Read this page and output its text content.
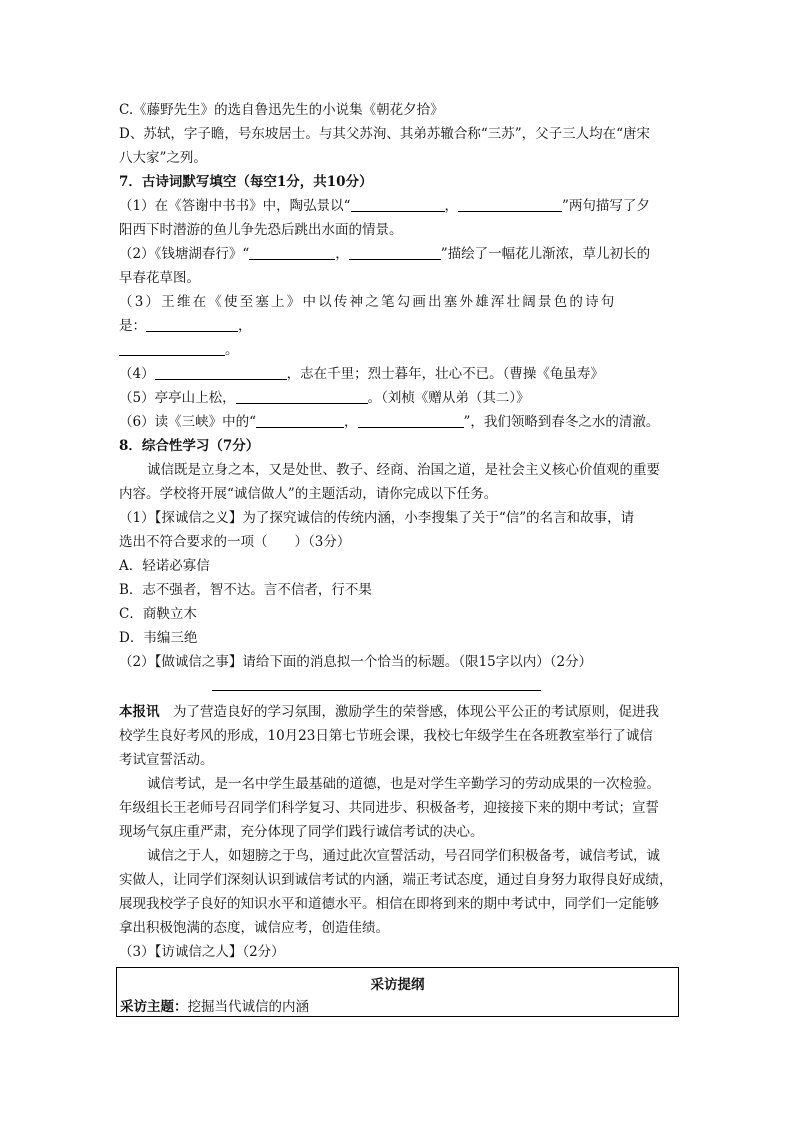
C.《藤野先生》的选自鲁迅先生的小说集《朝花夕拾》
D、苏轼，字子瞻，号东坡居士。与其父苏洵、其弟苏辙合称“三苏”，父子三人均在“唐宋
八大家”之列。
7．古诗词默写填空（每空1分，共10分）
（1）在《答谢中书书》中，陶弘景以“	，	”两句描写了夕
阳西下时潜游的鱼儿争先恐后跳出水面的情景。
（2）《钱塘湖春行》“	，	”描绘了一幅花儿渐浓，草儿初长的
早春花草图。
（3）王维在《使至塞上》中以传神之笔勾画出塞外雄浑壮阔景色的诗句
是：	，
。
（4）	，志在千里；烈士暮年，壮心不已。（曹操《龟虽寿》
（5）亭亭山上松，	。（刘桢《赠从弟（其二）》
（6）读《三峡》中的“	，	”，我们领略到春冬之水的清澈。
8．综合性学习（7分）
诚信既是立身之本，又是处世、教子、经商、治国之道，是社会主义核心价值观的重要
内容。学校将开展“诚信做人”的主题活动，请你完成以下任务。
（1）【探诚信之义】为了探究诚信的传统内涵，小李搜集了关于“信”的名言和故事，请
选出不符合要求的一项（　　）（3分）
A．轻诺必寡信
B．志不强者，智不达。言不信者，行不果
C．商鞅立木
D．韦编三绝
（2）【做诚信之事】请给下面的消息拟一个恰当的标题。（限15字以内）（2分）
本报讯　为了营造良好的学习氛围，激励学生的荣誉感，体现公平公正的考试原则，促进我
校学生良好考风的形成，10月23日第七节班会课，我校七年级学生在各班教室举行了诚信
考试宣誓活动。
诚信考试，是一名中学生最基础的道德，也是对学生辛勤学习的劳动成果的一次检验。
年级组长王老师号召同学们科学复习、共同进步、积极备考，迎接接下来的期中考试；宣誓
现场气氛庄重严肃，充分体现了同学们践行诚信考试的决心。
诚信之于人，如翅膀之于鸟，通过此次宣誓活动，号召同学们积极备考，诚信考试，诚
实做人，让同学们深刻认识到诚信考试的内涵，端正考试态度，通过自身努力取得良好成绩，
展现我校学子良好的知识水平和道德水平。相信在即将到来的期中考试中，同学们一定能够
拿出积极饱满的态度，诚信应考，创造佳绩。
（3）【访诚信之人】（2分）
采访提纲
采访主题：挖掘当代诚信的内涵
